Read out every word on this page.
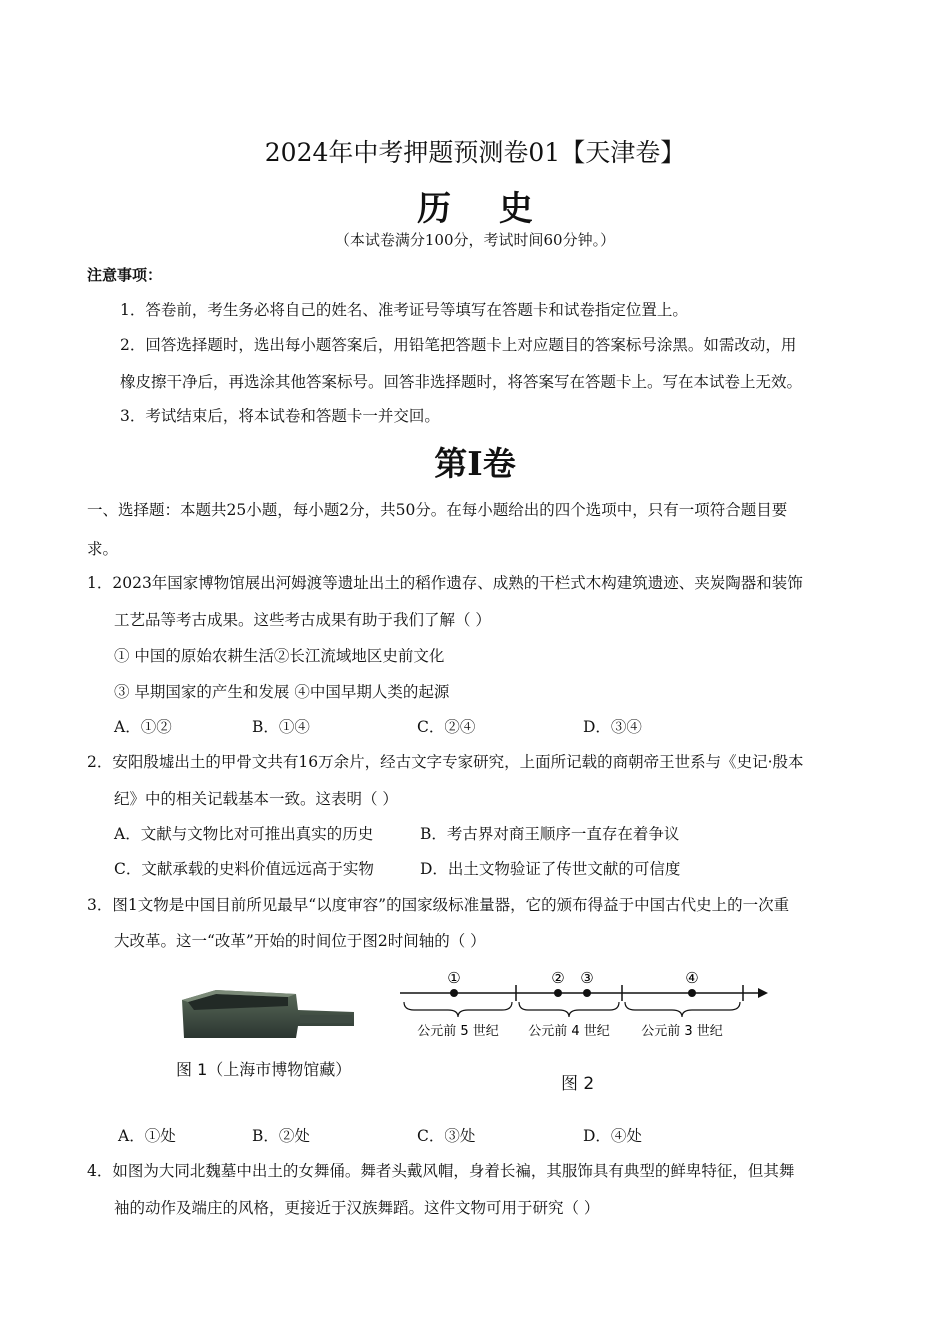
2024年中考押题预测卷01【天津卷】
历 史
（本试卷满分100分，考试时间60分钟。）
注意事项：
1．答卷前，考生务必将自己的姓名、准考证号等填写在答题卡和试卷指定位置上。
2．回答选择题时，选出每小题答案后，用铅笔把答题卡上对应题目的答案标号涂黑。如需改动，用
橡皮擦干净后，再选涂其他答案标号。回答非选择题时，将答案写在答题卡上。写在本试卷上无效。
3．考试结束后，将本试卷和答题卡一并交回。
第Ⅰ卷
一、选择题：本题共25小题，每小题2分，共50分。在每小题给出的四个选项中，只有一项符合题目要
求。
1．2023年国家博物馆展出河姆渡等遗址出土的稻作遗存、成熟的干栏式木构建筑遗迹、夹炭陶器和装饰
工艺品等考古成果。这些考古成果有助于我们了解（ ）
① 中国的原始农耕生活②长江流域地区史前文化
③ 早期国家的产生和发展 ④中国早期人类的起源
A．①②	B．①④	C．②④	D．③④
2．安阳殷墟出土的甲骨文共有16万余片，经古文字专家研究，上面所记载的商朝帝王世系与《史记·殷本
纪》中的相关记载基本一致。这表明（ ）
A．文献与文物比对可推出真实的历史	B．考古界对商王顺序一直存在着争议
C．文献承载的史料价值远远高于实物	D．出土文物验证了传世文献的可信度
3．图1文物是中国目前所见最早“以度审容”的国家级标准量器，它的颁布得益于中国古代史上的一次重
大改革。这一“改革”开始的时间位于图2时间轴的（ ）
图 1（上海市博物馆藏）
①	② ③	④
公元前 5 世纪 公元前 4 世纪 公元前 3 世纪
图 2
A．①处	B．②处	C．③处	D．④处
4．如图为大同北魏墓中出土的女舞俑。舞者头戴风帽，身着长褊，其服饰具有典型的鲜卑特征，但其舞
袖的动作及端庄的风格，更接近于汉族舞蹈。这件文物可用于研究（ ）
